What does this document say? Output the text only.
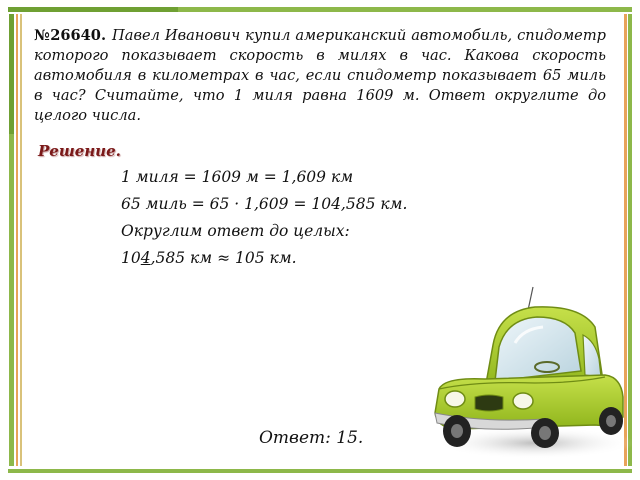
№26640. Павел Иванович купил американский автомобиль, спидометр которого показывает скорость в милях в час. Какова скорость автомобиля в километрах в час, если спидометр показывает 65 миль в час? Считайте, что 1 миля равна 1609 м. Ответ округлите до целого числа.
Решение.
1 миля = 1609 м = 1,609 км
65 миль = 65 · 1,609 = 104,585 км.
Округлим ответ до целых:
104,585 км ≈ 105 км.
Ответ: 15.
